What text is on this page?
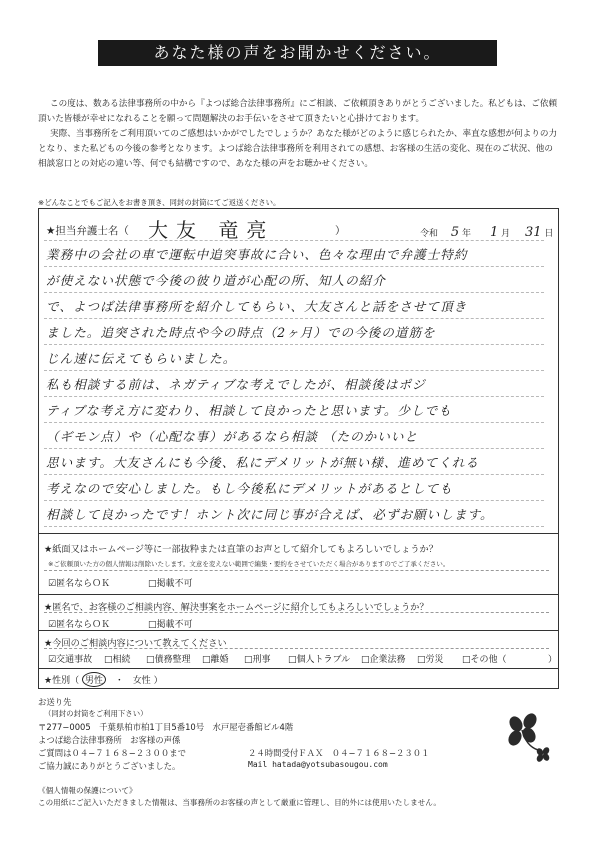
あなた様の声をお聞かせください。

この度は、数ある法律事務所の中から『よつば総合法律事務所』にご相談、ご依頼頂きありがとうございました。私どもは、ご依頼頂いた皆様が幸せになれることを願って問題解決のお手伝いをさせて頂きたいと心掛けております。

実際、当事務所をご利用頂いてのご感想はいかがでしたでしょうか？あなた様がどのように感じられたか、率直な感想が何よりの力となり、また私どもの今後の参考となります。よつば総合法律事務所を利用されての感想、お客様の生活の変化、現在のご状況、他の相談窓口との対応の違い等、何でも結構ですので、あなた様の声をお聴かせください。

※どんなことでもご記入をお書き頂き、同封の封筒にてご返送ください。
★担当弁護士名（ 大友 竜亮	）	令和 5 年 1 月 31 日
業務中の会社の車で運転中追突事故に合い、色々な理由で弁護士特約
が使えない状態で今後の彼り道が心配の所、知人の紹介
で、よつば法律事務所を紹介してもらい、大友さんと話をさせて頂き
ました。追突された時点や今の時点（2ヶ月）での今後の道筋を
じん速に伝えてもらいました。
私も相談する前は、ネガティブな考えでしたが、相談後はポジ
ティブな考え方に変わり、相談して良かったと思います。少しでも
（ギモン点）や（心配な事）があるなら相談 （たのかいいと
思います。大友さんにも今後、私にデメリットが無い様、進めてくれる
考えなので安心しました。もし今後私にデメリットがあるとしても
相談して良かったです！ホント次に同じ事が合えば、必ずお願いします。
★紙面又はホームページ等に一部抜粋または直筆のお声として紹介してもよろしいでしょうか？
※ご依頼頂いた方の個人情報は削除いたします。文意を変えない範囲で編集・要約をさせていただく場合がありますのでご了承ください。
☑匿名ならＯＫ	□掲載不可
★匿名で、お客様のご相談内容、解決事案をホームページに紹介してもよろしいでしょうか？
☑匿名ならＯＫ	□掲載不可
★今回のご相談内容について教えてください
☑交通事故 □相続 □債務整理 □離婚 □刑事 □個人トラブル □企業法務 □労災 □その他（	）
★性別（ 男性 ・ 女性 ）
お送り先
（同封の封筒をご利用下さい）
〒277−0005　千葉県柏市柏1丁目5番10号　水戸屋壱番館ビル4階
よつば総合法律事務所　お客様の声係
ご質問は０４−７１６８−２３００まで	２４時間受付ＦＡＸ　０４−７１６８−２３０１
ご協力誠にありがとうございました。	Mail hatada@yotsubasougou.com
《個人情報の保護について》
この用紙にご記入いただきました情報は、当事務所のお客様の声として厳重に管理し、目的外には使用いたしません。
